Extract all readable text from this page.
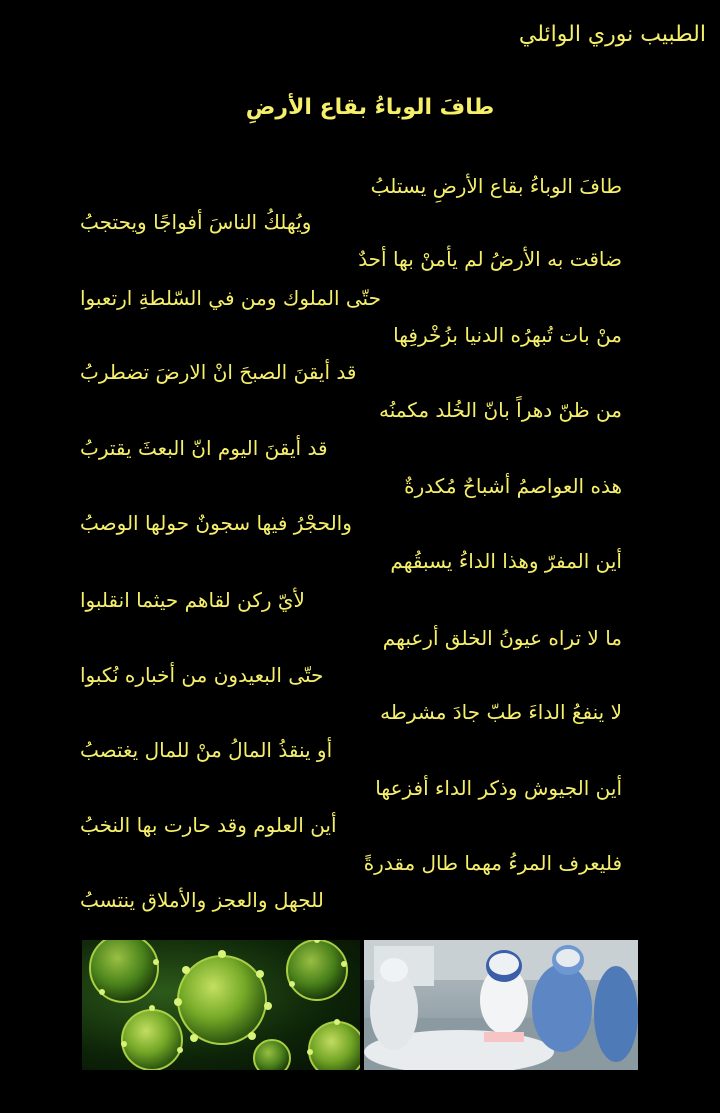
الطبيب نوري الوائلي
طافَ الوباءُ بقاع الأرضِ
طافَ الوباءُ بقاع الأرضِ يستلبُ
ويُهلكُ الناسَ أفواجًا ويحتجبُ
ضاقت به الأرضُ لم يأمنْ بها أحدٌ
حتّى الملوك ومن في السّلطةِ ارتعبوا
منْ بات تُبهرُه الدنيا بزُخْرفِها
قد أيقنَ الصبحَ انْ الارضَ تضطربُ
من ظنّ دهراً بانّ الخُلد مكمنُه
قد أيقنَ اليوم انّ البعثَ يقتربُ
هذه العواصمُ أشباحٌ مُكدرةٌ
والحجْرُ فيها سجونٌ حولها الوصبُ
أين المفرّ وهذا الداءُ يسبقُهم
لأيّ ركن لقاهم حيثما انقلبوا
ما لا تراه عيونُ الخلق أرعبهم
حتّى البعيدون من أخباره نُكبوا
لا ينفعُ الداءَ طبّ جادَ مشرطه
أو ينقذُ المالُ منْ للمال يغتصبُ
أين الجيوش وذكر الداء أفزعها
أين العلوم وقد حارت بها النخبُ
فليعرف المرءُ مهما طال مقدرةً
للجهل والعجز والأملاق ينتسبُ
